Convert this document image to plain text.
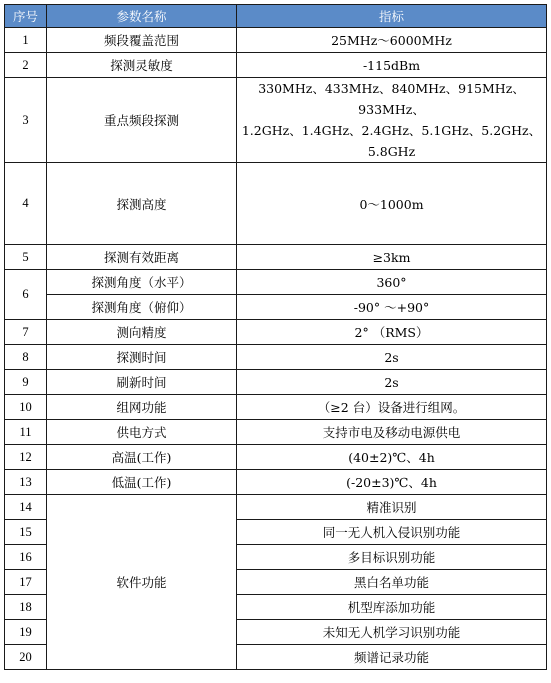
序号	参数名称	指标
1	频段覆盖范围	25MHz～6000MHz
2	探测灵敏度	-115dBm
3	重点频段探测	330MHz、433MHz、840MHz、915MHz、 933MHz、
1.2GHz、1.4GHz、2.4GHz、5.1GHz、5.2GHz、5.8GHz

4	探测高度	0～1000m
5	探测有效距离	≥3km
6	探测角度（水平）	360°
	探测角度（俯仰）	-90° ～+90°
7	测向精度	2° （RMS）
8	探测时间	2s
9	刷新时间	2s
10	组网功能	（≥2 台）设备进行组网。
11	供电方式	支持市电及移动电源供电
12	高温(工作)	(40±2)℃、4h
13	低温(工作)	(-20±3)℃、4h
14	软件功能	精准识别
15		同一无人机入侵识别功能
16		多目标识别功能
17		黑白名单功能
18		机型库添加功能
19		未知无人机学习识别功能
20		频谱记录功能
